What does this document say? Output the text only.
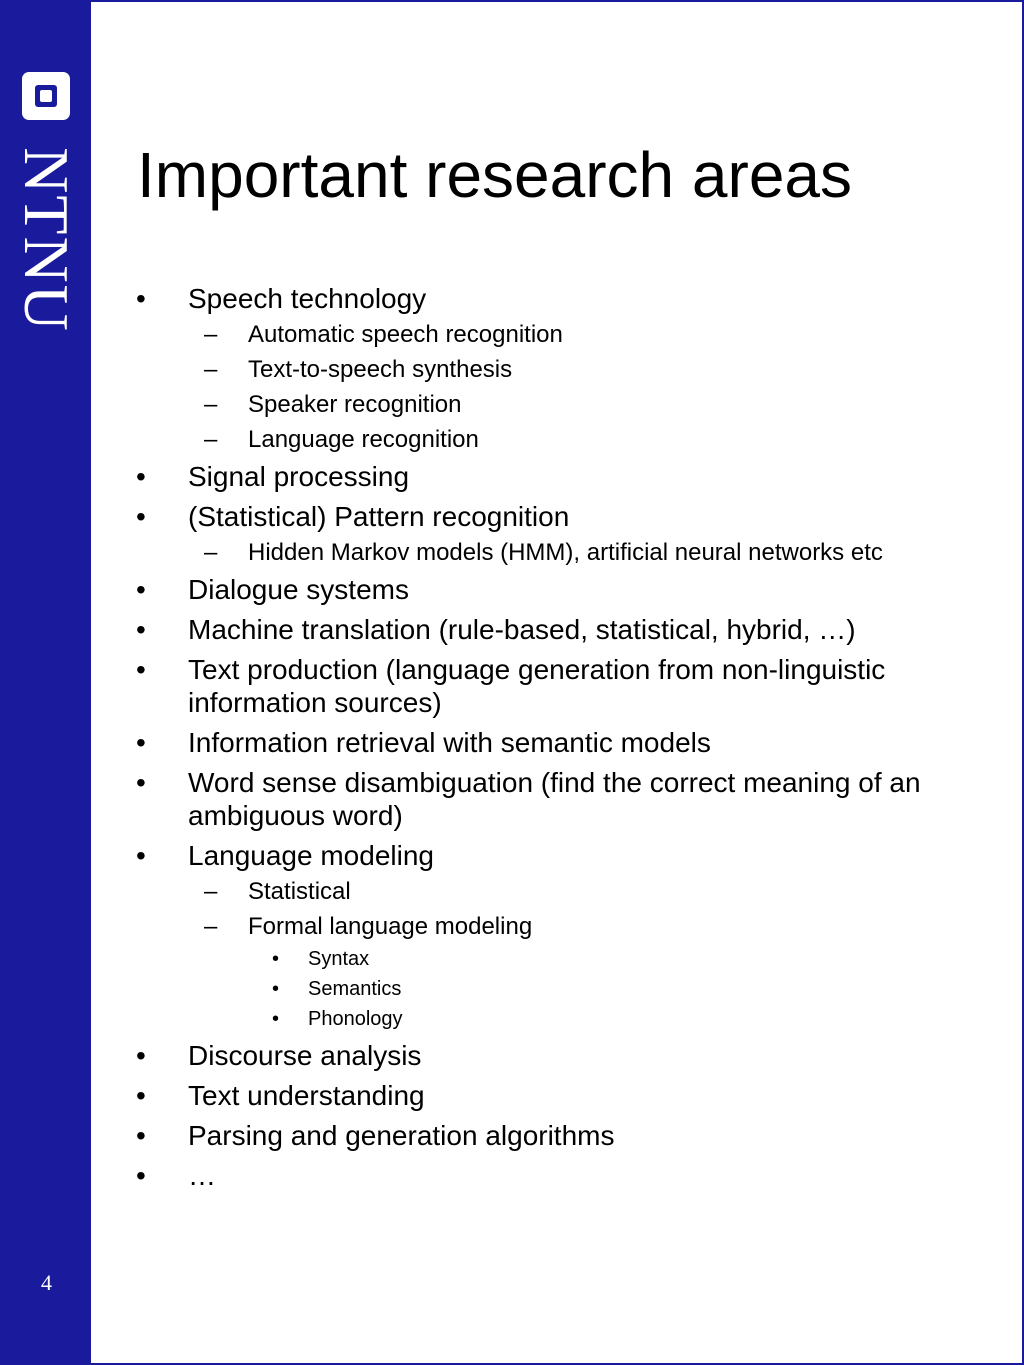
NTNU
4
Important research areas
• Speech technology
– Automatic speech recognition
– Text-to-speech synthesis
– Speaker recognition
– Language recognition
• Signal processing
• (Statistical) Pattern recognition
– Hidden Markov models (HMM), artificial neural networks etc
• Dialogue systems
• Machine translation (rule-based, statistical, hybrid, …)
• Text production (language generation from non-linguistic information sources)
• Information retrieval with semantic models
• Word sense disambiguation (find the correct meaning of an ambiguous word)
• Language modeling
– Statistical
– Formal language modeling
• Syntax
• Semantics
• Phonology
• Discourse analysis
• Text understanding
• Parsing and generation algorithms
• …
